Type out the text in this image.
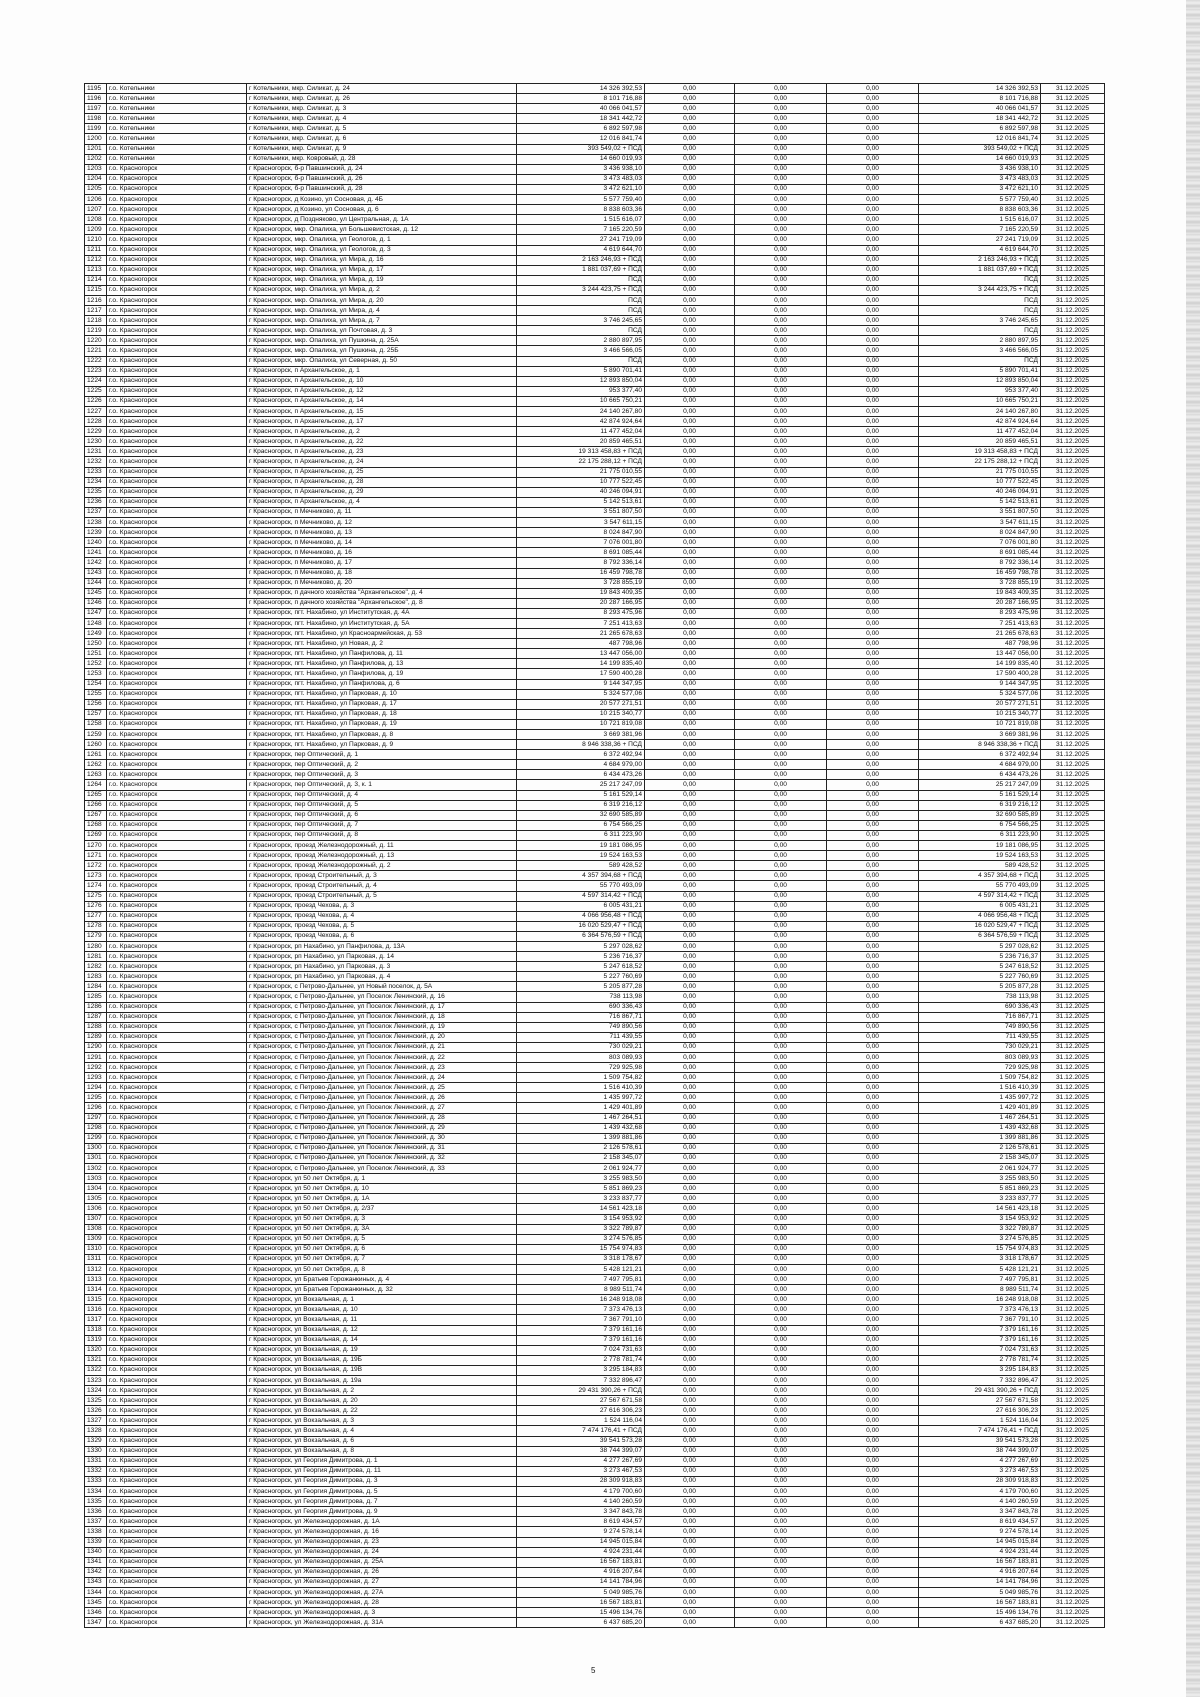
1195	г.о. Котельники	г Котельники, мкр. Силикат, д. 24	14 326 392,53	0,00	0,00	0,00	14 326 392,53	31.12.2025
1196	г.о. Котельники	г Котельники, мкр. Силикат, д. 26	8 101 716,88	0,00	0,00	0,00	8 101 716,88	31.12.2025
1197	г.о. Котельники	г Котельники, мкр. Силикат, д. 3	40 066 041,57	0,00	0,00	0,00	40 066 041,57	31.12.2025
1198	г.о. Котельники	г Котельники, мкр. Силикат, д. 4	18 341 442,72	0,00	0,00	0,00	18 341 442,72	31.12.2025
1199	г.о. Котельники	г Котельники, мкр. Силикат, д. 5	6 892 597,98	0,00	0,00	0,00	6 892 597,98	31.12.2025
1200	г.о. Котельники	г Котельники, мкр. Силикат, д. 6	12 016 841,74	0,00	0,00	0,00	12 016 841,74	31.12.2025
1201	г.о. Котельники	г Котельники, мкр. Силикат, д. 9	393 549,02 + ПСД	0,00	0,00	0,00	393 549,02 + ПСД	31.12.2025
1202	г.о. Котельники	г Котельники, мкр. Ковровый, д. 28	14 660 019,93	0,00	0,00	0,00	14 660 019,93	31.12.2025
1203	г.о. Красногорск	г Красногорск, б-р Павшинский, д. 24	3 436 938,10	0,00	0,00	0,00	3 436 938,10	31.12.2025
1204	г.о. Красногорск	г Красногорск, б-р Павшинский, д. 26	3 473 483,03	0,00	0,00	0,00	3 473 483,03	31.12.2025
1205	г.о. Красногорск	г Красногорск, б-р Павшинский, д. 28	3 472 621,10	0,00	0,00	0,00	3 472 621,10	31.12.2025
1206	г.о. Красногорск	г Красногорск, д Козино, ул Сосновая, д. 4Б	5 577 759,40	0,00	0,00	0,00	5 577 759,40	31.12.2025
1207	г.о. Красногорск	г Красногорск, д Козино, ул Сосновая, д. 6	8 838 603,36	0,00	0,00	0,00	8 838 603,36	31.12.2025
1208	г.о. Красногорск	г Красногорск, д Поздняково, ул Центральная, д. 1А	1 515 616,07	0,00	0,00	0,00	1 515 616,07	31.12.2025
1209	г.о. Красногорск	г Красногорск, мкр. Опалиха, ул Большевистская, д. 12	7 165 220,59	0,00	0,00	0,00	7 165 220,59	31.12.2025
1210	г.о. Красногорск	г Красногорск, мкр. Опалиха, ул Геологов, д. 1	27 241 719,09	0,00	0,00	0,00	27 241 719,09	31.12.2025
1211	г.о. Красногорск	г Красногорск, мкр. Опалиха, ул Геологов, д. 3	4 619 644,70	0,00	0,00	0,00	4 619 644,70	31.12.2025
1212	г.о. Красногорск	г Красногорск, мкр. Опалиха, ул Мира, д. 16	2 163 246,93 + ПСД	0,00	0,00	0,00	2 163 246,93 + ПСД	31.12.2025
1213	г.о. Красногорск	г Красногорск, мкр. Опалиха, ул Мира, д. 17	1 881 037,69 + ПСД	0,00	0,00	0,00	1 881 037,69 + ПСД	31.12.2025
1214	г.о. Красногорск	г Красногорск, мкр. Опалиха, ул Мира, д. 19	ПСД	0,00	0,00	0,00	ПСД	31.12.2025
1215	г.о. Красногорск	г Красногорск, мкр. Опалиха, ул Мира, д. 2	3 244 423,75 + ПСД	0,00	0,00	0,00	3 244 423,75 + ПСД	31.12.2025
1216	г.о. Красногорск	г Красногорск, мкр. Опалиха, ул Мира, д. 20	ПСД	0,00	0,00	0,00	ПСД	31.12.2025
1217	г.о. Красногорск	г Красногорск, мкр. Опалиха, ул Мира, д. 4	ПСД	0,00	0,00	0,00	ПСД	31.12.2025
1218	г.о. Красногорск	г Красногорск, мкр. Опалиха, ул Мира, д. 7	3 746 245,65	0,00	0,00	0,00	3 746 245,65	31.12.2025
1219	г.о. Красногорск	г Красногорск, мкр. Опалиха, ул Почтовая, д. 3	ПСД	0,00	0,00	0,00	ПСД	31.12.2025
1220	г.о. Красногорск	г Красногорск, мкр. Опалиха, ул Пушкина, д. 25А	2 880 897,95	0,00	0,00	0,00	2 880 897,95	31.12.2025
1221	г.о. Красногорск	г Красногорск, мкр. Опалиха, ул Пушкина, д. 25Б	3 466 566,05	0,00	0,00	0,00	3 466 566,05	31.12.2025
1222	г.о. Красногорск	г Красногорск, мкр. Опалиха, ул Северная, д. 50	ПСД	0,00	0,00	0,00	ПСД	31.12.2025
1223	г.о. Красногорск	г Красногорск, п Архангельское, д. 1	5 890 701,41	0,00	0,00	0,00	5 890 701,41	31.12.2025
1224	г.о. Красногорск	г Красногорск, п Архангельское, д. 10	12 893 850,04	0,00	0,00	0,00	12 893 850,04	31.12.2025
1225	г.о. Красногорск	г Красногорск, п Архангельское, д. 12	953 377,40	0,00	0,00	0,00	953 377,40	31.12.2025
1226	г.о. Красногорск	г Красногорск, п Архангельское, д. 14	10 665 750,21	0,00	0,00	0,00	10 665 750,21	31.12.2025
1227	г.о. Красногорск	г Красногорск, п Архангельское, д. 15	24 140 267,80	0,00	0,00	0,00	24 140 267,80	31.12.2025
1228	г.о. Красногорск	г Красногорск, п Архангельское, д. 17	42 874 924,64	0,00	0,00	0,00	42 874 924,64	31.12.2025
1229	г.о. Красногорск	г Красногорск, п Архангельское, д. 2	11 477 452,04	0,00	0,00	0,00	11 477 452,04	31.12.2025
1230	г.о. Красногорск	г Красногорск, п Архангельское, д. 22	20 859 465,51	0,00	0,00	0,00	20 859 465,51	31.12.2025
1231	г.о. Красногорск	г Красногорск, п Архангельское, д. 23	19 313 458,83 + ПСД	0,00	0,00	0,00	19 313 458,83 + ПСД	31.12.2025
1232	г.о. Красногорск	г Красногорск, п Архангельское, д. 24	22 175 288,12 + ПСД	0,00	0,00	0,00	22 175 288,12 + ПСД	31.12.2025
1233	г.о. Красногорск	г Красногорск, п Архангельское, д. 25	21 775 010,55	0,00	0,00	0,00	21 775 010,55	31.12.2025
1234	г.о. Красногорск	г Красногорск, п Архангельское, д. 28	10 777 522,45	0,00	0,00	0,00	10 777 522,45	31.12.2025
1235	г.о. Красногорск	г Красногорск, п Архангельское, д. 29	40 246 094,91	0,00	0,00	0,00	40 246 094,91	31.12.2025
1236	г.о. Красногорск	г Красногорск, п Архангельское, д. 4	5 142 513,61	0,00	0,00	0,00	5 142 513,61	31.12.2025
1237	г.о. Красногорск	г Красногорск, п Мечниково, д. 11	3 551 807,50	0,00	0,00	0,00	3 551 807,50	31.12.2025
1238	г.о. Красногорск	г Красногорск, п Мечниково, д. 12	3 547 611,15	0,00	0,00	0,00	3 547 611,15	31.12.2025
1239	г.о. Красногорск	г Красногорск, п Мечниково, д. 13	8 024 847,90	0,00	0,00	0,00	8 024 847,90	31.12.2025
1240	г.о. Красногорск	г Красногорск, п Мечниково, д. 14	7 076 001,80	0,00	0,00	0,00	7 076 001,80	31.12.2025
1241	г.о. Красногорск	г Красногорск, п Мечниково, д. 16	8 691 085,44	0,00	0,00	0,00	8 691 085,44	31.12.2025
1242	г.о. Красногорск	г Красногорск, п Мечниково, д. 17	8 792 336,14	0,00	0,00	0,00	8 792 336,14	31.12.2025
1243	г.о. Красногорск	г Красногорск, п Мечниково, д. 18	16 459 798,78	0,00	0,00	0,00	16 459 798,78	31.12.2025
1244	г.о. Красногорск	г Красногорск, п Мечниково, д. 20	3 728 855,19	0,00	0,00	0,00	3 728 855,19	31.12.2025
1245	г.о. Красногорск	г Красногорск, п дачного хозяйства "Архангельское", д. 4	19 843 409,35	0,00	0,00	0,00	19 843 409,35	31.12.2025
1246	г.о. Красногорск	г Красногорск, п дачного хозяйства "Архангельское", д. 8	20 287 166,95	0,00	0,00	0,00	20 287 166,95	31.12.2025
1247	г.о. Красногорск	г Красногорск, пгт. Нахабино, ул Институтская, д. 4А	8 293 475,96	0,00	0,00	0,00	8 293 475,96	31.12.2025
1248	г.о. Красногорск	г Красногорск, пгт. Нахабино, ул Институтская, д. 5А	7 251 413,63	0,00	0,00	0,00	7 251 413,63	31.12.2025
1249	г.о. Красногорск	г Красногорск, пгт. Нахабино, ул Красноармейская, д. 53	21 265 678,63	0,00	0,00	0,00	21 265 678,63	31.12.2025
1250	г.о. Красногорск	г Красногорск, пгт. Нахабино, ул Новая, д. 2	487 798,96	0,00	0,00	0,00	487 798,96	31.12.2025
1251	г.о. Красногорск	г Красногорск, пгт. Нахабино, ул Панфилова, д. 11	13 447 056,00	0,00	0,00	0,00	13 447 056,00	31.12.2025
1252	г.о. Красногорск	г Красногорск, пгт. Нахабино, ул Панфилова, д. 13	14 199 835,40	0,00	0,00	0,00	14 199 835,40	31.12.2025
1253	г.о. Красногорск	г Красногорск, пгт. Нахабино, ул Панфилова, д. 19	17 590 400,28	0,00	0,00	0,00	17 590 400,28	31.12.2025
1254	г.о. Красногорск	г Красногорск, пгт. Нахабино, ул Панфилова, д. 6	9 144 347,95	0,00	0,00	0,00	9 144 347,95	31.12.2025
1255	г.о. Красногорск	г Красногорск, пгт. Нахабино, ул Парковая, д. 10	5 324 577,06	0,00	0,00	0,00	5 324 577,06	31.12.2025
1256	г.о. Красногорск	г Красногорск, пгт. Нахабино, ул Парковая, д. 17	20 577 271,51	0,00	0,00	0,00	20 577 271,51	31.12.2025
1257	г.о. Красногорск	г Красногорск, пгт. Нахабино, ул Парковая, д. 18	10 215 340,77	0,00	0,00	0,00	10 215 340,77	31.12.2025
1258	г.о. Красногорск	г Красногорск, пгт. Нахабино, ул Парковая, д. 19	10 721 819,08	0,00	0,00	0,00	10 721 819,08	31.12.2025
1259	г.о. Красногорск	г Красногорск, пгт. Нахабино, ул Парковая, д. 8	3 669 381,96	0,00	0,00	0,00	3 669 381,96	31.12.2025
1260	г.о. Красногорск	г Красногорск, пгт. Нахабино, ул Парковая, д. 9	8 946 338,36 + ПСД	0,00	0,00	0,00	8 946 338,36 + ПСД	31.12.2025
1261	г.о. Красногорск	г Красногорск, пер Оптический, д. 1	6 372 492,94	0,00	0,00	0,00	6 372 492,94	31.12.2025
1262	г.о. Красногорск	г Красногорск, пер Оптический, д. 2	4 684 979,00	0,00	0,00	0,00	4 684 979,00	31.12.2025
1263	г.о. Красногорск	г Красногорск, пер Оптический, д. 3	6 434 473,26	0,00	0,00	0,00	6 434 473,26	31.12.2025
1264	г.о. Красногорск	г Красногорск, пер Оптический, д. 3, к. 1	25 217 247,09	0,00	0,00	0,00	25 217 247,09	31.12.2025
1265	г.о. Красногорск	г Красногорск, пер Оптический, д. 4	5 161 529,14	0,00	0,00	0,00	5 161 529,14	31.12.2025
1266	г.о. Красногорск	г Красногорск, пер Оптический, д. 5	6 319 216,12	0,00	0,00	0,00	6 319 216,12	31.12.2025
1267	г.о. Красногорск	г Красногорск, пер Оптический, д. 6	32 690 585,89	0,00	0,00	0,00	32 690 585,89	31.12.2025
1268	г.о. Красногорск	г Красногорск, пер Оптический, д. 7	6 754 566,25	0,00	0,00	0,00	6 754 566,25	31.12.2025
1269	г.о. Красногорск	г Красногорск, пер Оптический, д. 8	6 311 223,90	0,00	0,00	0,00	6 311 223,90	31.12.2025
1270	г.о. Красногорск	г Красногорск, проезд Железнодорожный, д. 11	19 181 086,95	0,00	0,00	0,00	19 181 086,95	31.12.2025
1271	г.о. Красногорск	г Красногорск, проезд Железнодорожный, д. 13	19 524 163,53	0,00	0,00	0,00	19 524 163,53	31.12.2025
1272	г.о. Красногорск	г Красногорск, проезд Железнодорожный, д. 2	589 428,52	0,00	0,00	0,00	589 428,52	31.12.2025
1273	г.о. Красногорск	г Красногорск, проезд Строительный, д. 3	4 357 394,68 + ПСД	0,00	0,00	0,00	4 357 394,68 + ПСД	31.12.2025
1274	г.о. Красногорск	г Красногорск, проезд Строительный, д. 4	55 770 493,09	0,00	0,00	0,00	55 770 493,09	31.12.2025
1275	г.о. Красногорск	г Красногорск, проезд Строительный, д. 5	4 597 314,42 + ПСД	0,00	0,00	0,00	4 597 314,42 + ПСД	31.12.2025
1276	г.о. Красногорск	г Красногорск, проезд Чехова, д. 3	6 005 431,21	0,00	0,00	0,00	6 005 431,21	31.12.2025
1277	г.о. Красногорск	г Красногорск, проезд Чехова, д. 4	4 066 956,48 + ПСД	0,00	0,00	0,00	4 066 956,48 + ПСД	31.12.2025
1278	г.о. Красногорск	г Красногорск, проезд Чехова, д. 5	16 020 529,47 + ПСД	0,00	0,00	0,00	16 020 529,47 + ПСД	31.12.2025
1279	г.о. Красногорск	г Красногорск, проезд Чехова, д. 6	6 364 576,59 + ПСД	0,00	0,00	0,00	6 364 576,59 + ПСД	31.12.2025
1280	г.о. Красногорск	г Красногорск, рп Нахабино, ул Панфилова, д. 13А	5 297 028,62	0,00	0,00	0,00	5 297 028,62	31.12.2025
1281	г.о. Красногорск	г Красногорск, рп Нахабино, ул Парковая, д. 14	5 236 716,37	0,00	0,00	0,00	5 236 716,37	31.12.2025
1282	г.о. Красногорск	г Красногорск, рп Нахабино, ул Парковая, д. 3	5 247 618,52	0,00	0,00	0,00	5 247 618,52	31.12.2025
1283	г.о. Красногорск	г Красногорск, рп Нахабино, ул Парковая, д. 4	5 227 760,69	0,00	0,00	0,00	5 227 760,69	31.12.2025
1284	г.о. Красногорск	г Красногорск, с Петрово-Дальнее, ул Новый поселок, д. 5А	5 205 877,28	0,00	0,00	0,00	5 205 877,28	31.12.2025
1285	г.о. Красногорск	г Красногорск, с Петрово-Дальнее, ул Поселок Ленинский, д. 16	738 113,98	0,00	0,00	0,00	738 113,98	31.12.2025
1286	г.о. Красногорск	г Красногорск, с Петрово-Дальнее, ул Поселок Ленинский, д. 17	690 336,43	0,00	0,00	0,00	690 336,43	31.12.2025
1287	г.о. Красногорск	г Красногорск, с Петрово-Дальнее, ул Поселок Ленинский, д. 18	716 867,71	0,00	0,00	0,00	716 867,71	31.12.2025
1288	г.о. Красногорск	г Красногорск, с Петрово-Дальнее, ул Поселок Ленинский, д. 19	749 890,56	0,00	0,00	0,00	749 890,56	31.12.2025
1289	г.о. Красногорск	г Красногорск, с Петрово-Дальнее, ул Поселок Ленинский, д. 20	711 439,55	0,00	0,00	0,00	711 439,55	31.12.2025
1290	г.о. Красногорск	г Красногорск, с Петрово-Дальнее, ул Поселок Ленинский, д. 21	730 029,21	0,00	0,00	0,00	730 029,21	31.12.2025
1291	г.о. Красногорск	г Красногорск, с Петрово-Дальнее, ул Поселок Ленинский, д. 22	803 089,93	0,00	0,00	0,00	803 089,93	31.12.2025
1292	г.о. Красногорск	г Красногорск, с Петрово-Дальнее, ул Поселок Ленинский, д. 23	729 925,98	0,00	0,00	0,00	729 925,98	31.12.2025
1293	г.о. Красногорск	г Красногорск, с Петрово-Дальнее, ул Поселок Ленинский, д. 24	1 509 754,82	0,00	0,00	0,00	1 509 754,82	31.12.2025
1294	г.о. Красногорск	г Красногорск, с Петрово-Дальнее, ул Поселок Ленинский, д. 25	1 516 410,39	0,00	0,00	0,00	1 516 410,39	31.12.2025
1295	г.о. Красногорск	г Красногорск, с Петрово-Дальнее, ул Поселок Ленинский, д. 26	1 435 997,72	0,00	0,00	0,00	1 435 997,72	31.12.2025
1296	г.о. Красногорск	г Красногорск, с Петрово-Дальнее, ул Поселок Ленинский, д. 27	1 429 401,89	0,00	0,00	0,00	1 429 401,89	31.12.2025
1297	г.о. Красногорск	г Красногорск, с Петрово-Дальнее, ул Поселок Ленинский, д. 28	1 467 264,51	0,00	0,00	0,00	1 467 264,51	31.12.2025
1298	г.о. Красногорск	г Красногорск, с Петрово-Дальнее, ул Поселок Ленинский, д. 29	1 439 432,68	0,00	0,00	0,00	1 439 432,68	31.12.2025
1299	г.о. Красногорск	г Красногорск, с Петрово-Дальнее, ул Поселок Ленинский, д. 30	1 399 881,86	0,00	0,00	0,00	1 399 881,86	31.12.2025
1300	г.о. Красногорск	г Красногорск, с Петрово-Дальнее, ул Поселок Ленинский, д. 31	2 126 578,61	0,00	0,00	0,00	2 126 578,61	31.12.2025
1301	г.о. Красногорск	г Красногорск, с Петрово-Дальнее, ул Поселок Ленинский, д. 32	2 158 345,07	0,00	0,00	0,00	2 158 345,07	31.12.2025
1302	г.о. Красногорск	г Красногорск, с Петрово-Дальнее, ул Поселок Ленинский, д. 33	2 061 924,77	0,00	0,00	0,00	2 061 924,77	31.12.2025
1303	г.о. Красногорск	г Красногорск, ул 50 лет Октября, д. 1	3 255 983,50	0,00	0,00	0,00	3 255 983,50	31.12.2025
1304	г.о. Красногорск	г Красногорск, ул 50 лет Октября, д. 10	5 851 869,23	0,00	0,00	0,00	5 851 869,23	31.12.2025
1305	г.о. Красногорск	г Красногорск, ул 50 лет Октября, д. 1А	3 233 837,77	0,00	0,00	0,00	3 233 837,77	31.12.2025
1306	г.о. Красногорск	г Красногорск, ул 50 лет Октября, д. 2/37	14 561 423,18	0,00	0,00	0,00	14 561 423,18	31.12.2025
1307	г.о. Красногорск	г Красногорск, ул 50 лет Октября, д. 3	3 154 953,92	0,00	0,00	0,00	3 154 953,92	31.12.2025
1308	г.о. Красногорск	г Красногорск, ул 50 лет Октября, д. 3А	3 322 789,87	0,00	0,00	0,00	3 322 789,87	31.12.2025
1309	г.о. Красногорск	г Красногорск, ул 50 лет Октября, д. 5	3 274 576,85	0,00	0,00	0,00	3 274 576,85	31.12.2025
1310	г.о. Красногорск	г Красногорск, ул 50 лет Октября, д. 6	15 754 974,83	0,00	0,00	0,00	15 754 974,83	31.12.2025
1311	г.о. Красногорск	г Красногорск, ул 50 лет Октября, д. 7	3 318 178,67	0,00	0,00	0,00	3 318 178,67	31.12.2025
1312	г.о. Красногорск	г Красногорск, ул 50 лет Октября, д. 8	5 428 121,21	0,00	0,00	0,00	5 428 121,21	31.12.2025
1313	г.о. Красногорск	г Красногорск, ул Братьев Горожанкиных, д. 4	7 497 795,81	0,00	0,00	0,00	7 497 795,81	31.12.2025
1314	г.о. Красногорск	г Красногорск, ул Братьев Горожанкиных, д. 32	8 989 511,74	0,00	0,00	0,00	8 989 511,74	31.12.2025
1315	г.о. Красногорск	г Красногорск, ул Вокзальная, д. 1	16 248 918,08	0,00	0,00	0,00	16 248 918,08	31.12.2025
1316	г.о. Красногорск	г Красногорск, ул Вокзальная, д. 10	7 373 476,13	0,00	0,00	0,00	7 373 476,13	31.12.2025
1317	г.о. Красногорск	г Красногорск, ул Вокзальная, д. 11	7 367 791,10	0,00	0,00	0,00	7 367 791,10	31.12.2025
1318	г.о. Красногорск	г Красногорск, ул Вокзальная, д. 12	7 379 161,16	0,00	0,00	0,00	7 379 161,16	31.12.2025
1319	г.о. Красногорск	г Красногорск, ул Вокзальная, д. 14	7 379 161,16	0,00	0,00	0,00	7 379 161,16	31.12.2025
1320	г.о. Красногорск	г Красногорск, ул Вокзальная, д. 19	7 024 731,63	0,00	0,00	0,00	7 024 731,63	31.12.2025
1321	г.о. Красногорск	г Красногорск, ул Вокзальная, д. 19Б	2 778 781,74	0,00	0,00	0,00	2 778 781,74	31.12.2025
1322	г.о. Красногорск	г Красногорск, ул Вокзальная, д. 19В	3 295 184,83	0,00	0,00	0,00	3 295 184,83	31.12.2025
1323	г.о. Красногорск	г Красногорск, ул Вокзальная, д. 19а	7 332 896,47	0,00	0,00	0,00	7 332 896,47	31.12.2025
1324	г.о. Красногорск	г Красногорск, ул Вокзальная, д. 2	29 431 390,26 + ПСД	0,00	0,00	0,00	29 431 390,26 + ПСД	31.12.2025
1325	г.о. Красногорск	г Красногорск, ул Вокзальная, д. 20	27 567 671,58	0,00	0,00	0,00	27 567 671,58	31.12.2025
1326	г.о. Красногорск	г Красногорск, ул Вокзальная, д. 22	27 616 306,23	0,00	0,00	0,00	27 616 306,23	31.12.2025
1327	г.о. Красногорск	г Красногорск, ул Вокзальная, д. 3	1 524 116,04	0,00	0,00	0,00	1 524 116,04	31.12.2025
1328	г.о. Красногорск	г Красногорск, ул Вокзальная, д. 4	7 474 176,41 + ПСД	0,00	0,00	0,00	7 474 176,41 + ПСД	31.12.2025
1329	г.о. Красногорск	г Красногорск, ул Вокзальная, д. 6	39 541 573,28	0,00	0,00	0,00	39 541 573,28	31.12.2025
1330	г.о. Красногорск	г Красногорск, ул Вокзальная, д. 8	38 744 399,07	0,00	0,00	0,00	38 744 399,07	31.12.2025
1331	г.о. Красногорск	г Красногорск, ул Георгия Димитрова, д. 1	4 277 267,69	0,00	0,00	0,00	4 277 267,69	31.12.2025
1332	г.о. Красногорск	г Красногорск, ул Георгия Димитрова, д. 11	3 273 467,53	0,00	0,00	0,00	3 273 467,53	31.12.2025
1333	г.о. Красногорск	г Красногорск, ул Георгия Димитрова, д. 3	28 309 918,83	0,00	0,00	0,00	28 309 918,83	31.12.2025
1334	г.о. Красногорск	г Красногорск, ул Георгия Димитрова, д. 5	4 179 700,60	0,00	0,00	0,00	4 179 700,60	31.12.2025
1335	г.о. Красногорск	г Красногорск, ул Георгия Димитрова, д. 7	4 140 260,59	0,00	0,00	0,00	4 140 260,59	31.12.2025
1336	г.о. Красногорск	г Красногорск, ул Георгия Димитрова, д. 9	3 347 843,78	0,00	0,00	0,00	3 347 843,78	31.12.2025
1337	г.о. Красногорск	г Красногорск, ул Железнодорожная, д. 1А	8 619 434,57	0,00	0,00	0,00	8 619 434,57	31.12.2025
1338	г.о. Красногорск	г Красногорск, ул Железнодорожная, д. 16	9 274 578,14	0,00	0,00	0,00	9 274 578,14	31.12.2025
1339	г.о. Красногорск	г Красногорск, ул Железнодорожная, д. 23	14 945 015,84	0,00	0,00	0,00	14 945 015,84	31.12.2025
1340	г.о. Красногорск	г Красногорск, ул Железнодорожная, д. 24	4 924 231,44	0,00	0,00	0,00	4 924 231,44	31.12.2025
1341	г.о. Красногорск	г Красногорск, ул Железнодорожная, д. 25А	16 567 183,81	0,00	0,00	0,00	16 567 183,81	31.12.2025
1342	г.о. Красногорск	г Красногорск, ул Железнодорожная, д. 26	4 916 207,64	0,00	0,00	0,00	4 916 207,64	31.12.2025
1343	г.о. Красногорск	г Красногорск, ул Железнодорожная, д. 27	14 141 784,96	0,00	0,00	0,00	14 141 784,96	31.12.2025
1344	г.о. Красногорск	г Красногорск, ул Железнодорожная, д. 27А	5 049 985,76	0,00	0,00	0,00	5 049 985,76	31.12.2025
1345	г.о. Красногорск	г Красногорск, ул Железнодорожная, д. 28	16 567 183,81	0,00	0,00	0,00	16 567 183,81	31.12.2025
1346	г.о. Красногорск	г Красногорск, ул Железнодорожная, д. 3	15 496 134,76	0,00	0,00	0,00	15 496 134,76	31.12.2025
1347	г.о. Красногорск	г Красногорск, ул Железнодорожная, д. 31А	6 437 685,20	0,00	0,00	0,00	6 437 685,20	31.12.2025
5
